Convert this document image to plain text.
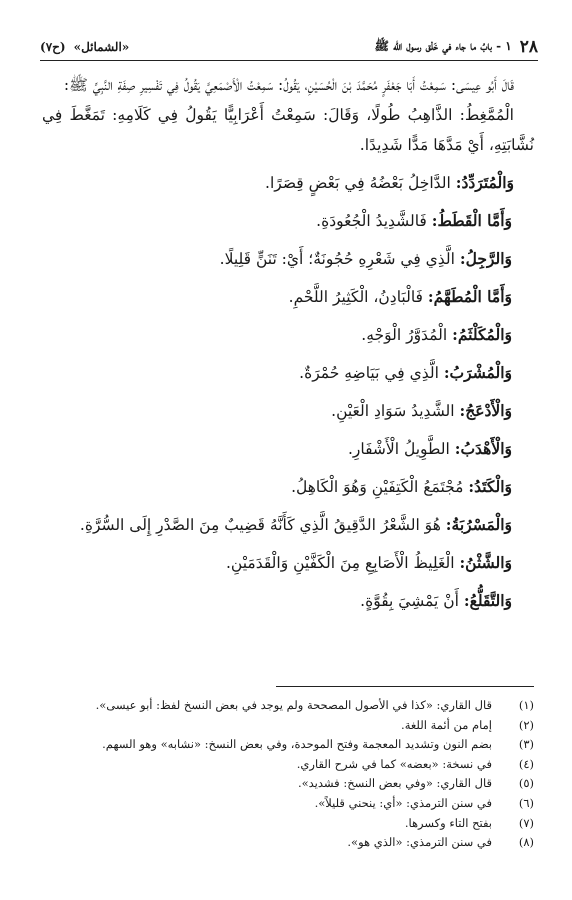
٢٨
١ - بابُ ما جاء في خَلْق رسول الله ﷺ
«الشمائل»
(ح٧)

قَالَ أَبُو عِيسَى: سَمِعْتُ أَبَا جَعْفَرٍ مُحَمَّدَ بْنَ الْحُسَيْنِ، يَقُولُ: سَمِعْتُ الْأَصْمَعِيَّ يَقُولُ فِي تَفْسِيرِ صِفَةِ النَّبِيِّ ﷺ:

الْمُمَّغِطُ: الذَّاهِبُ طُولًا، وَقَالَ: سَمِعْتُ أَعْرَابِيًّا يَقُولُ فِي كَلَامِهِ: تَمَغَّطَ فِي نُشَّابَتِهِ، أَيْ مَدَّهَا مَدًّا شَدِيدًا.

وَالْمُتَرَدِّدُ: الدَّاخِلُ بَعْضُهُ فِي بَعْضٍ قِصَرًا.

وَأَمَّا الْقَطَطُ: فَالشَّدِيدُ الْجُعُودَةِ.

وَالرَّجِلُ: الَّذِي فِي شَعْرِهِ حُجُونَةٌ؛ أَيْ: تَنَنٍّ قَلِيلًا.

وَأَمَّا الْمُطَهَّمُ: فَالْبَادِنُ، الْكَثِيرُ اللَّحْمِ.

وَالْمُكَلْثَمُ: الْمُدَوَّرُ الْوَجْهِ.

وَالْمُشْرَبُ: الَّذِي فِي بَيَاضِهِ حُمْرَةٌ.

وَالْأَدْعَجُ: الشَّدِيدُ سَوَادِ الْعَيْنِ.

وَالْأَهْدَبُ: الطَّوِيلُ الْأَشْفَارِ.

وَالْكَتَدُ: مُجْتَمَعُ الْكَتِفَيْنِ وَهُوَ الْكَاهِلُ.

وَالْمَسْرُبَةُ: هُوَ الشَّعْرُ الدَّقِيقُ الَّذِي كَأَنَّهُ قَضِيبٌ مِنَ الصَّدْرِ إِلَى السُّرَّةِ.

وَالشَّثْنُ: الْغَلِيظُ الْأَصَابِعِ مِنَ الْكَفَّيْنِ وَالْقَدَمَيْنِ.

وَالتَّقَلُّعُ: أَنْ يَمْشِيَ بِقُوَّةٍ.

(١)
قال القاري: «كذا في الأصول المصححة ولم يوجد في بعض النسخ لفظ: أبو عيسى».
(٢)
إمام من أئمة اللغة.
(٣)
بضم النون وتشديد المعجمة وفتح الموحدة، وفي بعض النسخ: «نشابه» وهو السهم.
(٤)
في نسخة: «بعضه» كما في شرح القاري.
(٥)
قال القاري: «وفي بعض النسخ: فشديد».
(٦)
في سنن الترمذي: «أي: ينحني قليلاً».
(٧)
بفتح التاء وكسرها.
(٨)
في سنن الترمذي: «الذي هو».
